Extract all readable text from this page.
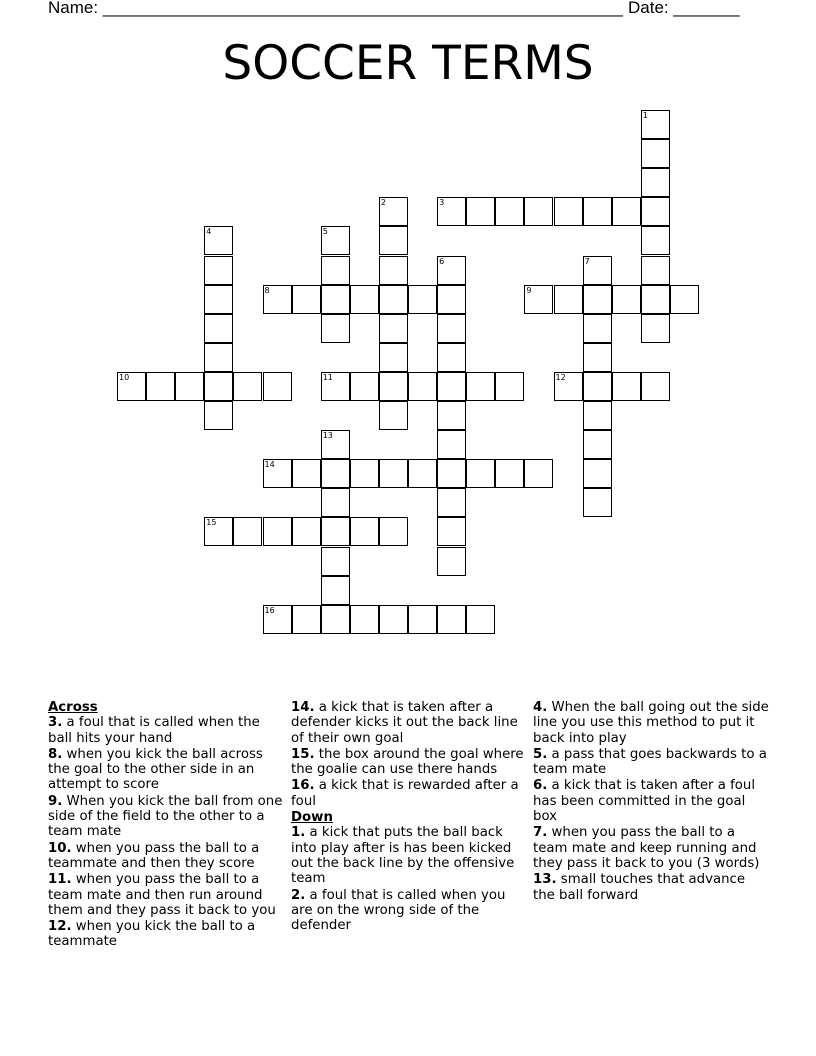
Name: _______________________________________________________ Date: _______
SOCCER TERMS
1
2	3
4	5
6	7
8	9
10	11	12
13
14
15
16
Across
3. a foul that is called when the ball hits your hand
8. when you kick the ball across the goal to the other side in an attempt to score
9. When you kick the ball from one side of the field to the other to a team mate
10. when you pass the ball to a teammate and then they score
11. when you pass the ball to a team mate and then run around them and they pass it back to you
12. when you kick the ball to a teammate
14. a kick that is taken after a defender kicks it out the back line of their own goal
15. the box around the goal where the goalie can use there hands
16. a kick that is rewarded after a foul
Down
1. a kick that puts the ball back into play after is has been kicked out the back line by the offensive team
2. a foul that is called when you are on the wrong side of the defender
4. When the ball going out the side line you use this method to put it back into play
5. a pass that goes backwards to a team mate
6. a kick that is taken after a foul has been committed in the goal box
7. when you pass the ball to a team mate and keep running and they pass it back to you (3 words)
13. small touches that advance the ball forward
